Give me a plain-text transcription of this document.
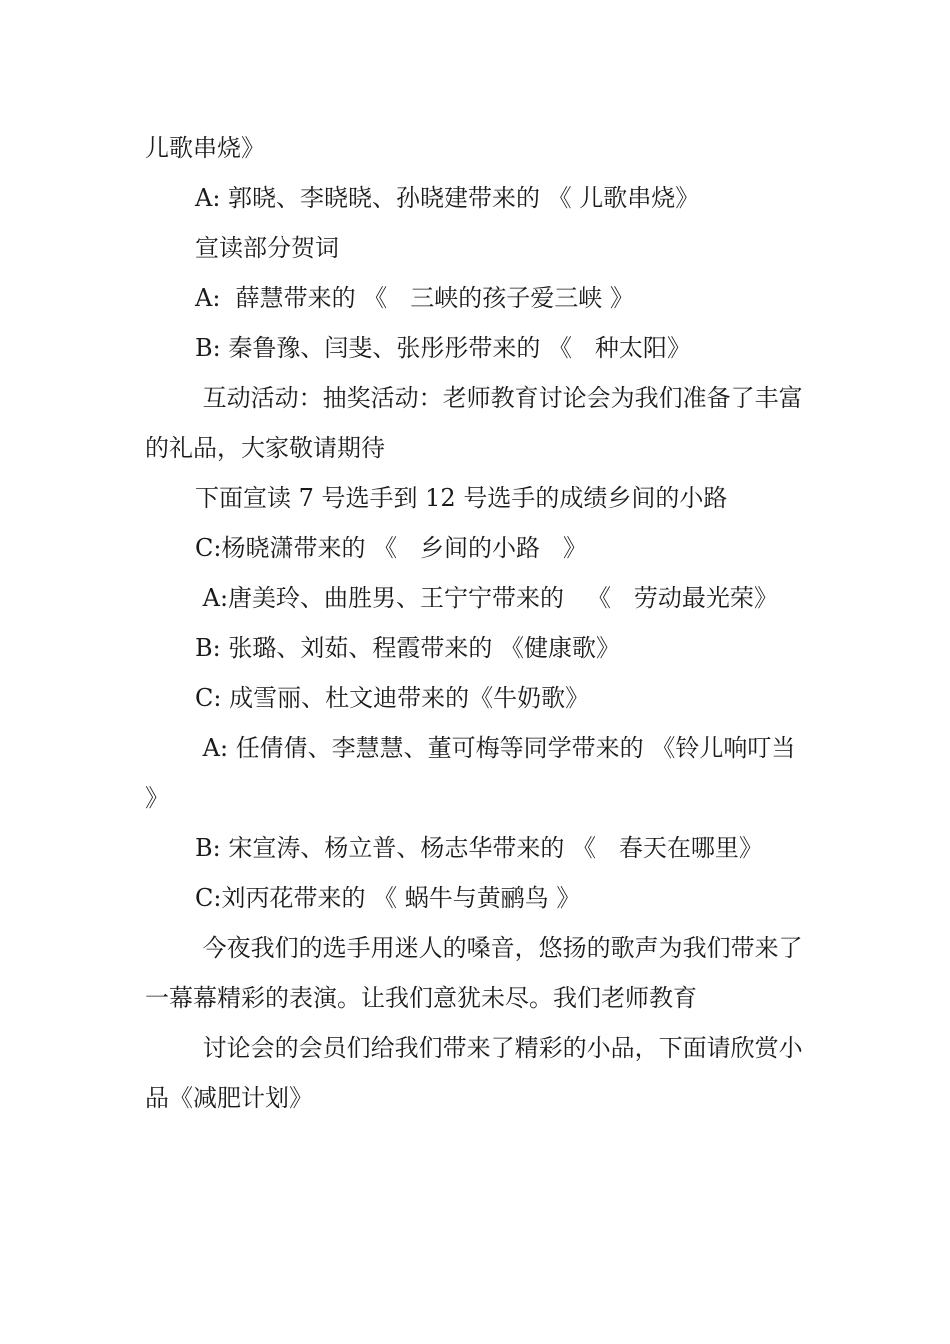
儿歌串烧》

A: 郭晓、李晓晓、孙晓建带来的 《 儿歌串烧》

宣读部分贺词

A:  薛慧带来的 《   三峡的孩子爱三峡 》

B: 秦鲁豫、闫斐、张彤彤带来的 《   种太阳》

互动活动：抽奖活动：老师教育讨论会为我们准备了丰富的礼品，大家敬请期待

下面宣读 7 号选手到 12 号选手的成绩乡间的小路

C:杨晓潇带来的 《   乡间的小路   》

A:唐美玲、曲胜男、王宁宁带来的   《   劳动最光荣》

B: 张璐、刘茹、程霞带来的 《健康歌》

C: 成雪丽、杜文迪带来的《牛奶歌》

A: 任倩倩、李慧慧、董可梅等同学带来的 《铃儿响叮当 》

B: 宋宣涛、杨立普、杨志华带来的 《   春天在哪里》

C:刘丙花带来的 《 蜗牛与黄鹂鸟 》

今夜我们的选手用迷人的嗓音，悠扬的歌声为我们带来了一幕幕精彩的表演。让我们意犹未尽。我们老师教育

讨论会的会员们给我们带来了精彩的小品，下面请欣赏小品《减肥计划》
